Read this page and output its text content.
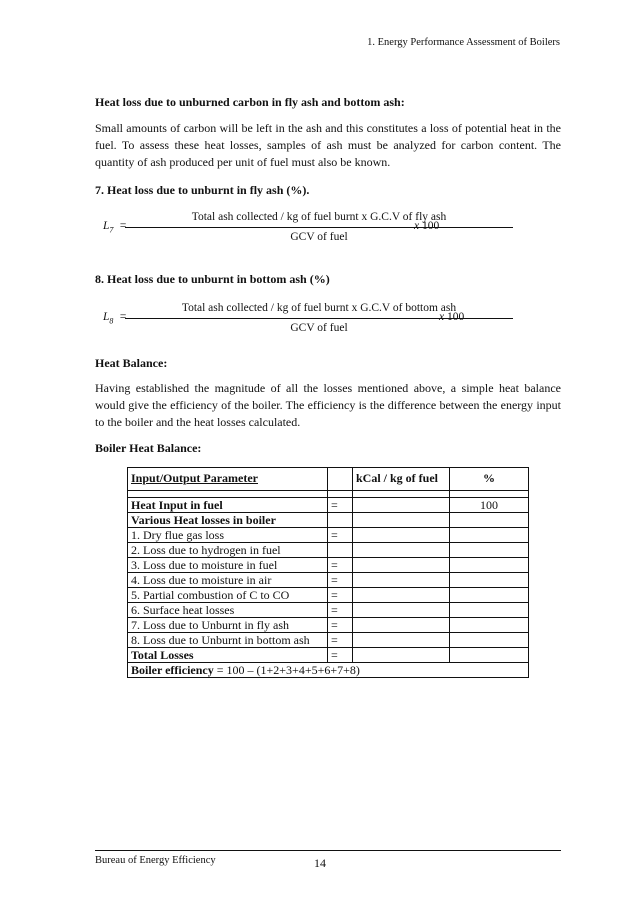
1. Energy Performance Assessment of Boilers
Heat loss due to unburned carbon in fly ash and bottom ash:
Small amounts of carbon will be left in the ash and this constitutes a loss of potential heat in the fuel. To assess these heat losses, samples of ash must be analyzed for carbon content. The quantity of ash produced per unit of fuel must also be known.
7. Heat loss due to unburnt in fly ash (%).
$L_7$ =
Total ash collected / kg of fuel burnt x G.C.V of fly ash
GCV of fuel
x 100
8. Heat loss due to unburnt in bottom ash (%)
$L_8$ =
Total ash collected / kg of fuel burnt x G.C.V of bottom ash
GCV of fuel
x 100
Heat Balance:
Having established the magnitude of all the losses mentioned above, a simple heat balance would give the efficiency of the boiler. The efficiency is the difference between the energy input to the boiler and the heat losses calculated.
Boiler Heat Balance:
Input/Output Parameter		kCal / kg of fuel	%

Heat Input in fuel	=		100
Various Heat losses in boiler			
1. Dry flue gas loss	=		
2. Loss due to hydrogen in fuel			
3. Loss due to moisture in fuel	=		
4. Loss due to moisture in air	=		
5. Partial combustion of C to CO	=		
6. Surface heat losses	=		
7. Loss due to Unburnt in fly ash	=		
8. Loss due to Unburnt in bottom ash	=		
Total Losses	=		
Boiler efficiency = 100 – (1+2+3+4+5+6+7+8)			
Bureau of Energy Efficiency	14
